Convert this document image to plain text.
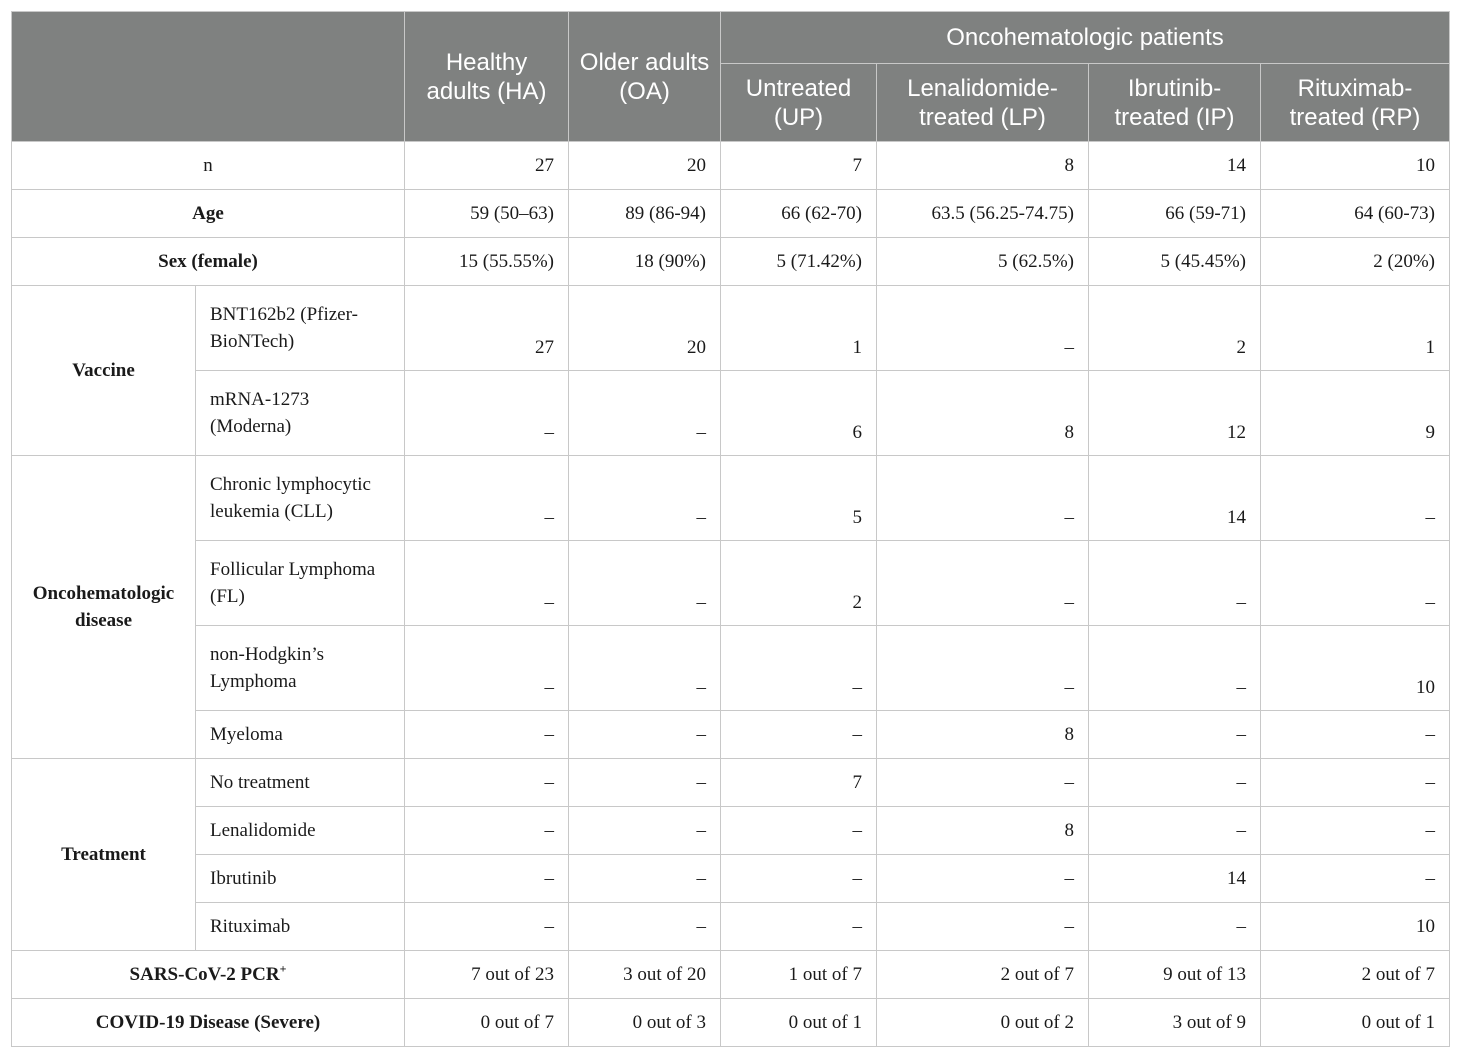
		Healthy adults (HA)	Older adults (OA)	Oncohematologic patients			
				Untreated (UP)	Lenalidomide-treated (LP)	Ibrutinib-treated (IP)	Rituximab-treated (RP)
n		27	20	7	8	14	10
Age		59 (50–63)	89 (86-94)	66 (62-70)	63.5 (56.25-74.75)	66 (59-71)	64 (60-73)
Sex (female)		15 (55.55%)	18 (90%)	5 (71.42%)	5 (62.5%)	5 (45.45%)	2 (20%)
Vaccine	BNT162b2 (Pfizer-BioNTech)	27	20	1	–	2	1
	mRNA-1273 (Moderna)	–	–	6	8	12	9
Oncohematologic disease	Chronic lymphocytic leukemia (CLL)	–	–	5	–	14	–
	Follicular Lymphoma (FL)	–	–	2	–	–	–
	non-Hodgkin’s Lymphoma	–	–	–	–	–	10
	Myeloma	–	–	–	8	–	–
Treatment	No treatment	–	–	7	–	–	–
	Lenalidomide	–	–	–	8	–	–
	Ibrutinib	–	–	–	–	14	–
	Rituximab	–	–	–	–	–	10
SARS-CoV-2 PCR+		7 out of 23	3 out of 20	1 out of 7	2 out of 7	9 out of 13	2 out of 7
COVID-19 Disease (Severe)		0 out of 7	0 out of 3	0 out of 1	0 out of 2	3 out of 9	0 out of 1
